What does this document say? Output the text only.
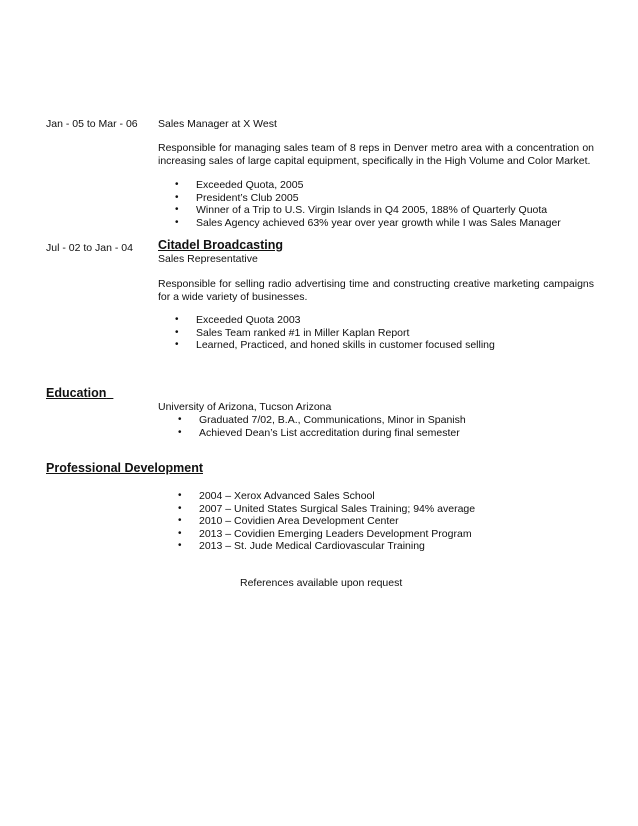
Jan - 05 to Mar - 06 Sales Manager at X West
Responsible for managing sales team of 8 reps in Denver metro area with a concentration on increasing sales of large capital equipment, specifically in the High Volume and Color Market.
• Exceeded Quota, 2005
• President’s Club 2005
• Winner of a Trip to U.S. Virgin Islands in Q4 2005, 188% of Quarterly Quota
• Sales Agency achieved 63% year over year growth while I was Sales Manager
Jul - 02 to Jan - 04 Citadel Broadcasting
Sales Representative
Responsible for selling radio advertising time and constructing creative marketing campaigns for a wide variety of businesses.
• Exceeded Quota 2003
• Sales Team ranked #1 in Miller Kaplan Report
• Learned, Practiced, and honed skills in customer focused selling
Education
University of Arizona, Tucson Arizona
• Graduated 7/02, B.A., Communications, Minor in Spanish
• Achieved Dean’s List accreditation during final semester
Professional Development
• 2004 – Xerox Advanced Sales School
• 2007 – United States Surgical Sales Training; 94% average
• 2010 – Covidien Area Development Center
• 2013 – Covidien Emerging Leaders Development Program
• 2013 – St. Jude Medical Cardiovascular Training
References available upon request
